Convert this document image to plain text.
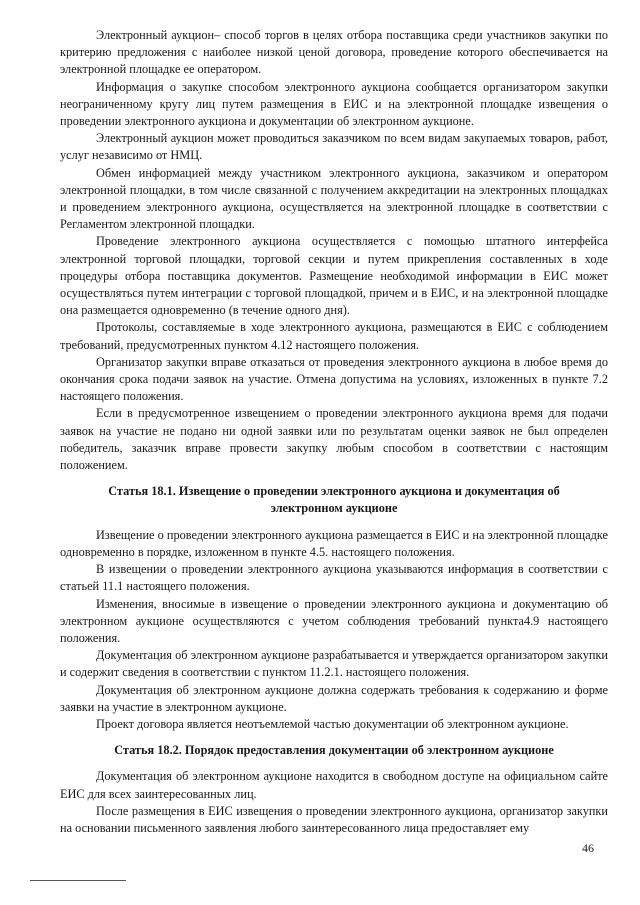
Электронный аукцион– способ торгов в целях отбора поставщика среди участников закупки по критерию предложения с наиболее низкой ценой договора, проведение которого обеспечивается на электронной площадке ее оператором.

Информация о закупке способом электронного аукциона сообщается организатором закупки неограниченному кругу лиц путем размещения в ЕИС и на электронной площадке извещения о проведении электронного аукциона и документации об электронном аукционе.

Электронный аукцион может проводиться заказчиком по всем видам закупаемых товаров, работ, услуг независимо от НМЦ.

Обмен информацией между участником электронного аукциона, заказчиком и оператором электронной площадки, в том числе связанной с получением аккредитации на электронных площадках и проведением электронного аукциона, осуществляется на электронной площадке в соответствии с Регламентом электронной площадки.

Проведение электронного аукциона осуществляется с помощью штатного интерфейса электронной торговой площадки, торговой секции и путем прикрепления составленных в ходе процедуры отбора поставщика документов. Размещение необходимой информации в ЕИС может осуществляться путем интеграции с торговой площадкой, причем и в ЕИС, и на электронной площадке она размещается одновременно (в течение одного дня).

Протоколы, составляемые в ходе электронного аукциона, размещаются в ЕИС с соблюдением требований, предусмотренных пунктом 4.12 настоящего положения.

Организатор закупки вправе отказаться от проведения электронного аукциона в любое время до окончания срока подачи заявок на участие. Отмена допустима на условиях, изложенных в пункте 7.2 настоящего положения.

Если в предусмотренное извещением о проведении электронного аукциона время для подачи заявок на участие не подано ни одной заявки или по результатам оценки заявок не был определен победитель, заказчик вправе провести закупку любым способом в соответствии с настоящим положением.

Статья 18.1. Извещение о проведении электронного аукциона и документация об электронном аукционе

Извещение о проведении электронного аукциона размещается в ЕИС и на электронной площадке одновременно в порядке, изложенном в пункте 4.5. настоящего положения.

В извещении о проведении электронного аукциона указываются информация в соответствии с статьей 11.1 настоящего положения.

Изменения, вносимые в извещение о проведении электронного аукциона и документацию об электронном аукционе осуществляются с учетом соблюдения требований пункта4.9 настоящего положения.

Документация об электронном аукционе разрабатывается и утверждается организатором закупки и содержит сведения в соответствии с пунктом 11.2.1. настоящего положения.

Документация об электронном аукционе должна содержать требования к содержанию и форме заявки на участие в электронном аукционе.

Проект договора является неотъемлемой частью документации об электронном аукционе.

Статья 18.2. Порядок предоставления документации об электронном аукционе

Документация об электронном аукционе находится в свободном доступе на официальном сайте ЕИС для всех заинтересованных лиц.

После размещения в ЕИС извещения о проведении электронного аукциона, организатор закупки на основании письменного заявления любого заинтересованного лица предоставляет ему

46
